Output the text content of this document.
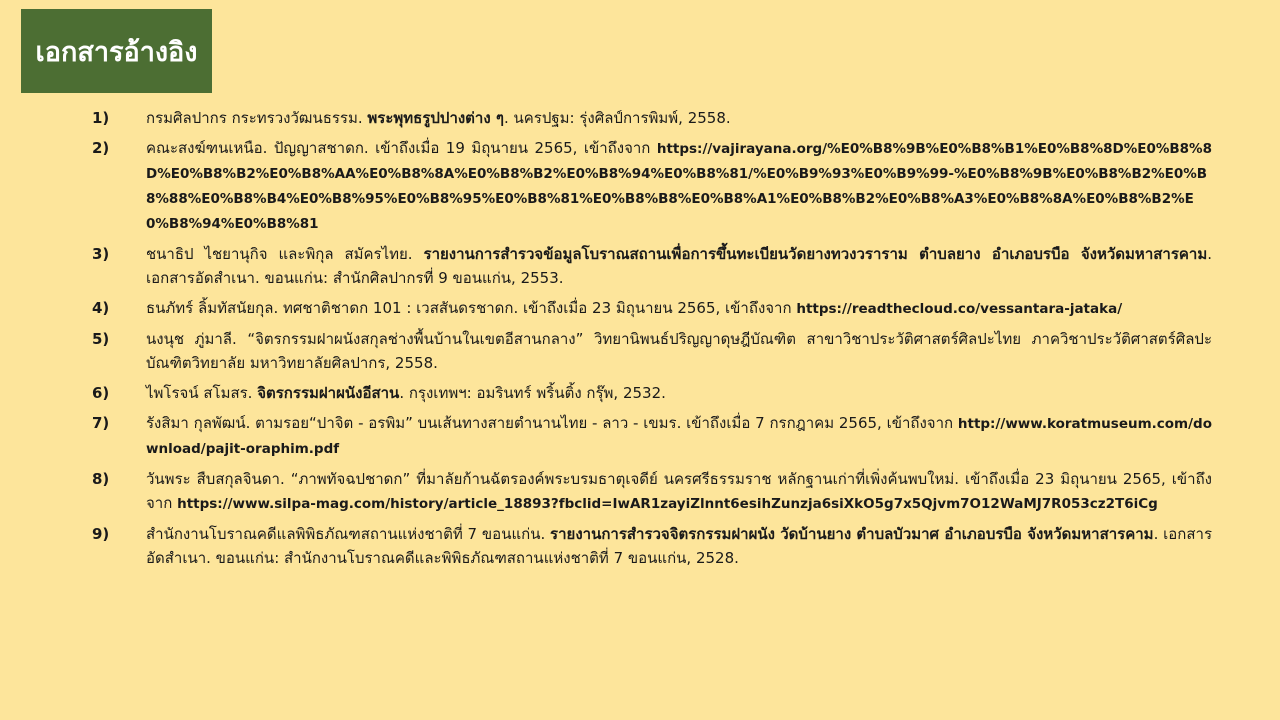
เอกสารอ้างอิง
1)	กรมศิลปากร กระทรวงวัฒนธรรม. พระพุทธรูปปางต่าง ๆ. นครปฐม: รุ่งศิลป์การพิมพ์, 2558.
2)	คณะสงฆ์ฑนเหนือ. ปัญญาสชาดก. เข้าถึงเมื่อ 19 มิถุนายน 2565, เข้าถึงจาก https://vajirayana.org/%E0%B8%9B%E0%B8%B1%E0%B8%8D%E0%B8%8D%E0%B8%B2%E0%B8%AA%E0%B8%8A%E0%B8%B2%E0%B8%94%E0%B8%81/%E0%B9%93%E0%B9%99-%E0%B8%9B%E0%B8%B2%E0%B8%88%E0%B8%B4%E0%B8%95%E0%B8%95%E0%B8%81%E0%B8%B8%E0%B8%A1%E0%B8%B2%E0%B8%A3%E0%B8%8A%E0%B8%B2%E0%B8%94%E0%B8%81
3)	ชนาธิป ไชยานุกิจ และพิกุล สมัครไทย. รายงานการสำรวจข้อมูลโบราณสถานเพื่อการขึ้นทะเบียนวัดยางทวงวราราม ตำบลยาง อำเภอบรบือ จังหวัดมหาสารคาม. เอกสารอัดสำเนา. ขอนแก่น: สำนักศิลปากรที่ 9 ขอนแก่น, 2553.
4)	ธนภัทร์ ลิ้มทัสนัยกุล. ทศชาติชาดก 101 : เวสสันดรชาดก. เข้าถึงเมื่อ 23 มิถุนายน 2565, เข้าถึงจาก https://readthecloud.co/vessantara-jataka/
5)	นงนุช ภู่มาลี. “จิตรกรรมฝาผนังสกุลช่างพื้นบ้านในเขตอีสานกลาง” วิทยานิพนธ์ปริญญาดุษฎีบัณฑิต สาขาวิชาประวัติศาสตร์ศิลปะไทย ภาควิชาประวัติศาสตร์ศิลปะ บัณฑิตวิทยาลัย มหาวิทยาลัยศิลปากร, 2558.
6)	ไพโรจน์ สโมสร. จิตรกรรมฝาผนังอีสาน. กรุงเทพฯ: อมรินทร์ พริ้นติ้ง กรุ๊พ, 2532.
7)	รังสิมา กุลพัฒน์. ตามรอย“ปาจิต - อรพิม” บนเส้นทางสายตำนานไทย - ลาว - เขมร. เข้าถึงเมื่อ 7 กรกฎาคม 2565, เข้าถึงจาก http://www.koratmuseum.com/download/pajit-oraphim.pdf
8)	วันพระ สืบสกุลจินดา. “ภาพทัจฉปชาดก” ที่มาลัยก้านฉัตรองค์พระบรมธาตุเจดีย์ นครศรีธรรมราช หลักฐานเก่าที่เพิ่งค้นพบใหม่. เข้าถึงเมื่อ 23 มิถุนายน 2565, เข้าถึงจาก https://www.silpa-mag.com/history/article_18893?fbclid=IwAR1zayiZlnnt6esihZunzja6siXkO5g7x5Qjvm7O12WaMJ7R053cz2T6iCg
9)	สำนักงานโบราณคดีแลพิพิธภัณฑสถานแห่งชาติที่ 7 ขอนแก่น. รายงานการสำรวจจิตรกรรมฝาผนัง วัดบ้านยาง ตำบลบัวมาศ อำเภอบรบือ จังหวัดมหาสารคาม. เอกสารอัดสำเนา. ขอนแก่น: สำนักงานโบราณคดีและพิพิธภัณฑสถานแห่งชาติที่ 7 ขอนแก่น, 2528.
